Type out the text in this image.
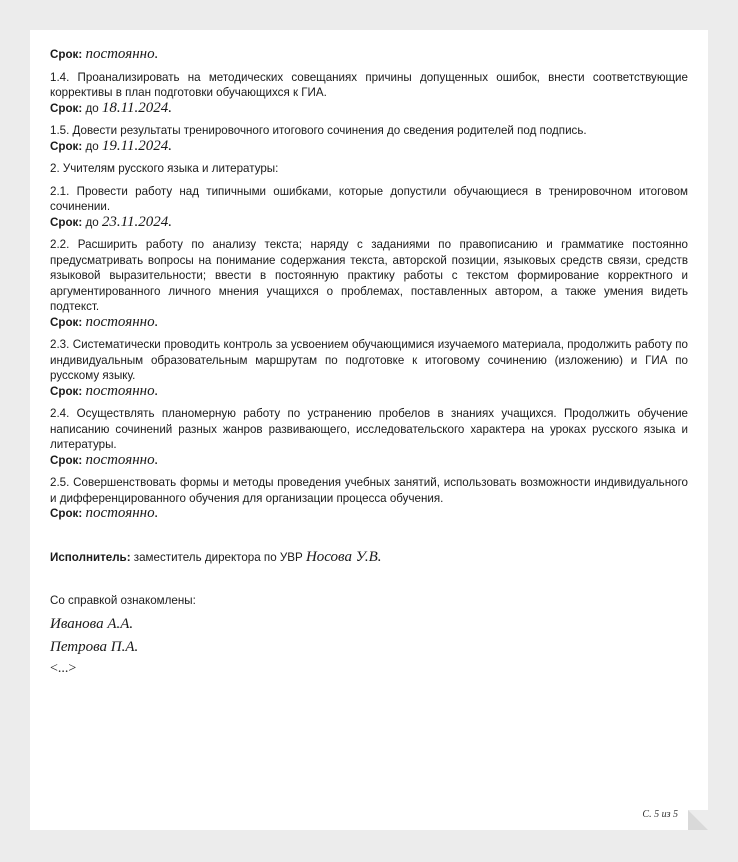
Срок: постоянно.

1.4. Проанализировать на методических совещаниях причины допущенных ошибок, внести соответствующие коррективы в план подготовки обучающихся к ГИА.

Срок: до 18.11.2024.

1.5. Довести результаты тренировочного итогового сочинения до сведения родителей под подпись.

Срок: до 19.11.2024.

2. Учителям русского языка и литературы:

2.1. Провести работу над типичными ошибками, которые допустили обучающиеся в тренировочном итоговом сочинении.

Срок: до 23.11.2024.

2.2. Расширить работу по анализу текста; наряду с заданиями по правописанию и грамматике постоянно предусматривать вопросы на понимание содержания текста, авторской позиции, языковых средств связи, средств языковой выразительности; ввести в постоянную практику работы с текстом формирование корректного и аргументированного личного мнения учащихся о проблемах, поставленных автором, а также умения видеть подтекст.

Срок: постоянно.

2.3. Систематически проводить контроль за усвоением обучающимися изучаемого материала, продолжить работу по индивидуальным образовательным маршрутам по подготовке к итоговому сочинению (изложению) и ГИА по русскому языку.

Срок: постоянно.

2.4. Осуществлять планомерную работу по устранению пробелов в знаниях учащихся. Продолжить обучение написанию сочинений разных жанров развивающего, исследовательского характера на уроках русского языка и литературы.

Срок: постоянно.

2.5. Совершенствовать формы и методы проведения учебных занятий, использовать возможности индивидуального и дифференцированного обучения для организации процесса обучения.

Срок: постоянно.

Исполнитель: заместитель директора по УВР Носова У.В.

Со справкой ознакомлены:

Иванова А.А.

Петрова П.А.

<...>

С. 5 из 5
